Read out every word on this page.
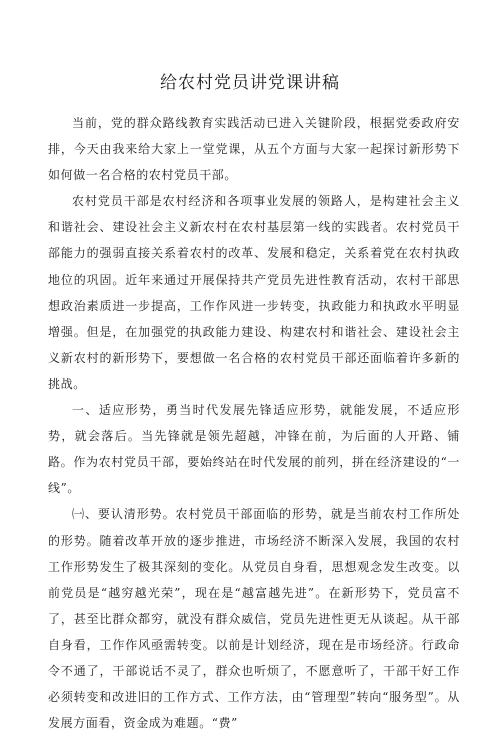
给农村党员讲党课讲稿

当前，党的群众路线教育实践活动已进入关键阶段，根据党委政府安排，今天由我来给大家上一堂党课，从五个方面与大家一起探讨新形势下如何做一名合格的农村党员干部。

农村党员干部是农村经济和各项事业发展的领路人，是构建社会主义和谐社会、建设社会主义新农村在农村基层第一线的实践者。农村党员干部能力的强弱直接关系着农村的改革、发展和稳定，关系着党在农村执政地位的巩固。近年来通过开展保持共产党员先进性教育活动，农村干部思想政治素质进一步提高，工作作风进一步转变，执政能力和执政水平明显增强。但是，在加强党的执政能力建设、构建农村和谐社会、建设社会主义新农村的新形势下，要想做一名合格的农村党员干部还面临着许多新的挑战。

一、适应形势，勇当时代发展先锋适应形势，就能发展，不适应形势，就会落后。当先锋就是领先超越，冲锋在前，为后面的人开路、铺路。作为农村党员干部，要始终站在时代发展的前列，拼在经济建设的“一线”。

㈠、要认清形势。农村党员干部面临的形势，就是当前农村工作所处的形势。随着改革开放的逐步推进，市场经济不断深入发展，我国的农村工作形势发生了极其深刻的变化。从党员自身看，思想观念发生改变。以前党员是“越穷越光荣”，现在是“越富越先进”。在新形势下，党员富不了，甚至比群众都穷，就没有群众威信，党员先进性更无从谈起。从干部自身看，工作作风亟需转变。以前是计划经济，现在是市场经济。行政命令不通了，干部说话不灵了，群众也听烦了，不愿意听了，干部干好工作必须转变和改进旧的工作方式、工作方法，由“管理型”转向“服务型”。从发展方面看，资金成为难题。“费”
